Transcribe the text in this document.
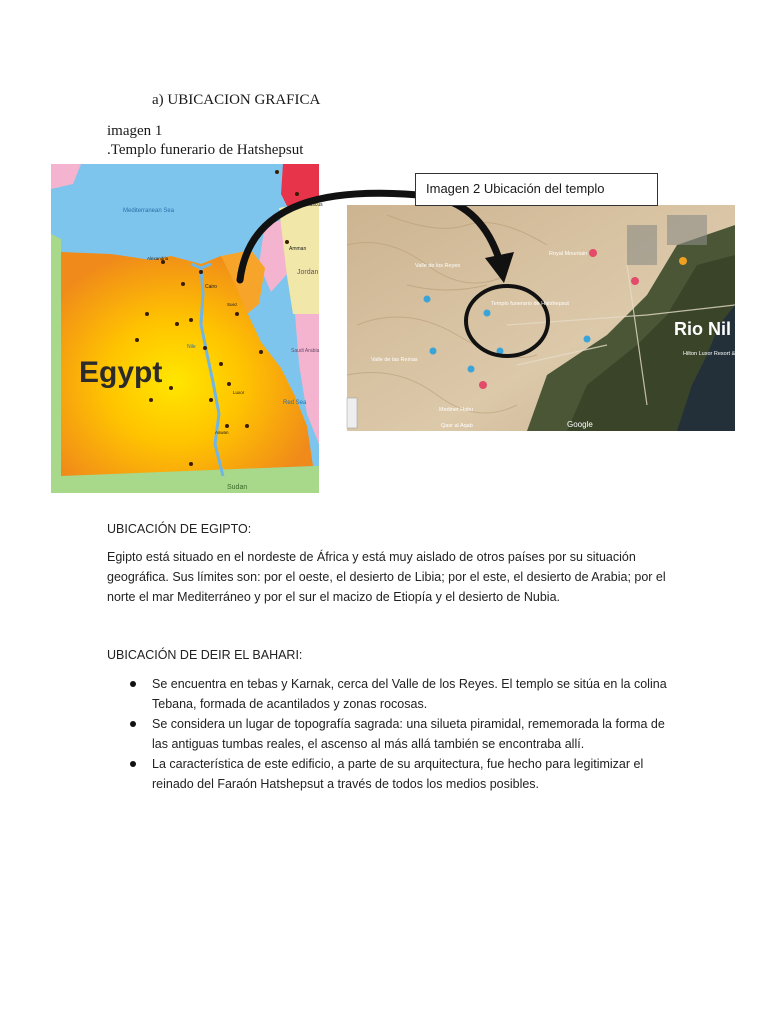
a) UBICACION GRAFICA
imagen 1
.Templo funerario de Hatshepsut
Egypt
Mediterranean Sea
Red Sea
Jordan
Saudi Arabia
Sudan
Nile
Cairo
Alexandria
Damascus
Amman
Luxor
Aswan
Suez
Valle de los Reyes
Templo funerario de Hatshepsut
Valle de las Reinas
Royal Mountain
Medinet Habu
Qasr al Aqab
Hilton Luxor Resort & Spa
Google
Rio Nil
Imagen 2 Ubicación del templo
UBICACIÓN DE EGIPTO:
Egipto está situado en el nordeste de África y está muy aislado de otros países por su situación geográfica. Sus límites son: por el oeste, el desierto de Libia; por el este, el desierto de Arabia; por el norte el mar Mediterráneo y por el sur el macizo de Etiopía y el desierto de Nubia.
UBICACIÓN DE DEIR EL BAHARI:
Se encuentra en tebas y Karnak, cerca del Valle de los Reyes. El templo se sitúa en la colina Tebana, formada de acantilados y zonas rocosas.
Se considera un lugar de topografía sagrada: una silueta piramidal, rememorada la forma de las antiguas tumbas reales, el ascenso al más allá también se encontraba allí.
La característica de este edificio, a parte de su arquitectura, fue hecho para legitimizar el reinado del Faraón Hatshepsut a través de todos los medios posibles.
